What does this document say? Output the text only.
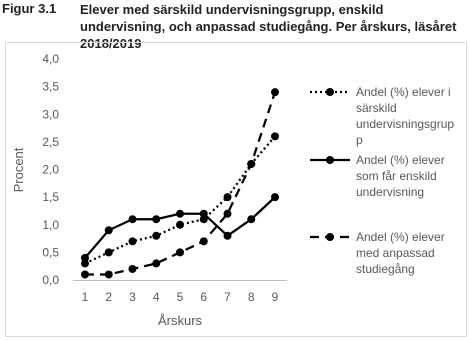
Figur 3.1 Elever med särskild undervisningsgrupp, enskild undervisning, och anpassad studiegång. Per årskurs, läsåret 2018/2019
0,0
0,5
1,0
1,5
2,0
2,5
3,0
3,5
4,0
1 2 3 4 5 6 7 8 9
Årskurs
Procent
Andel (%) elever i
särskild
undervisningsgrup
p
Andel (%) elever
som får enskild
undervisning
Andel (%) elever
med anpassad
studiegång
